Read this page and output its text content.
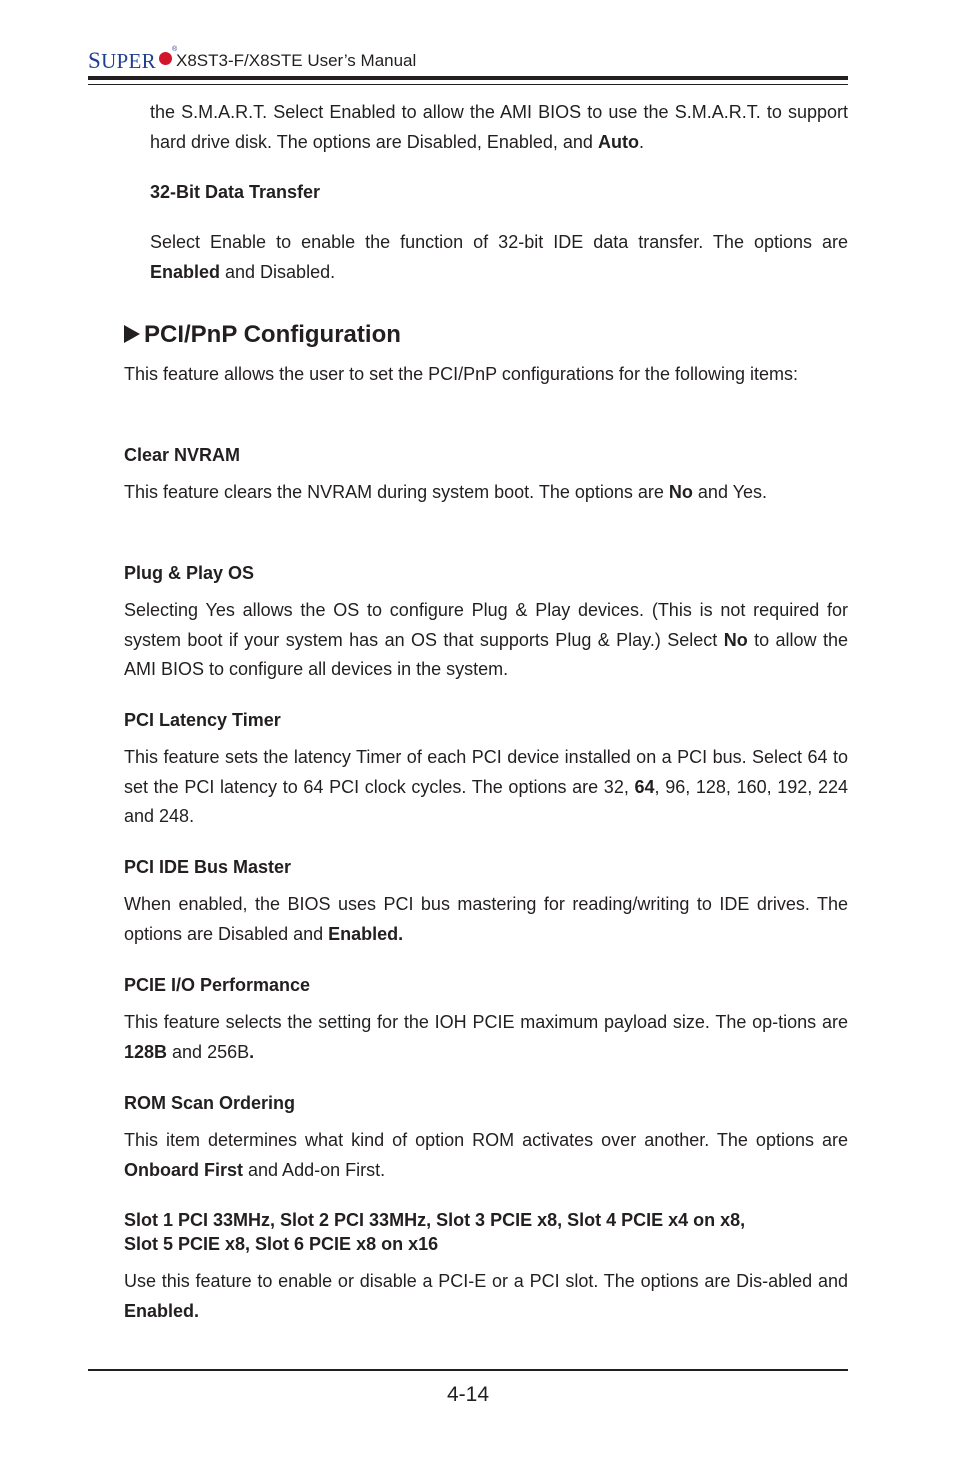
SUPER ®
X8ST3-F/X8STE User’s Manual
the S.M.A.R.T. Select Enabled to allow the AMI BIOS to use the S.M.A.R.T. to support hard drive disk. The options are Disabled, Enabled, and Auto.
32-Bit Data Transfer
Select Enable to enable the function of 32-bit IDE data transfer. The options are Enabled and Disabled.
PCI/PnP Configuration
This feature allows the user to set the PCI/PnP configurations for the following items:
Clear NVRAM
This feature clears the NVRAM during system boot. The options are No and Yes.
Plug & Play OS
Selecting Yes allows the OS to configure Plug & Play devices. (This is not required for system boot if your system has an OS that supports Plug & Play.) Select No to allow the AMI BIOS to configure all devices in the system.
PCI Latency Timer
This feature sets the latency Timer of each PCI device installed on a PCI bus. Select 64 to set the PCI latency to 64 PCI clock cycles. The options are 32, 64, 96, 128, 160, 192, 224 and 248.
PCI IDE Bus Master
When enabled, the BIOS uses PCI bus mastering for reading/writing to IDE drives. The options are Disabled and Enabled.
PCIE I/O Performance
This feature selects the setting for the IOH PCIE maximum payload size. The op-tions are 128B and 256B.
ROM Scan Ordering
This item determines what kind of option ROM activates over another. The options are Onboard First and Add-on First.
Slot 1 PCI 33MHz, Slot 2 PCI 33MHz, Slot 3 PCIE x8, Slot 4 PCIE x4 on x8,
Slot 5 PCIE x8, Slot 6 PCIE x8 on x16
Use this feature to enable or disable a PCI-E or a PCI slot. The options are Dis-abled and Enabled.
4-14
